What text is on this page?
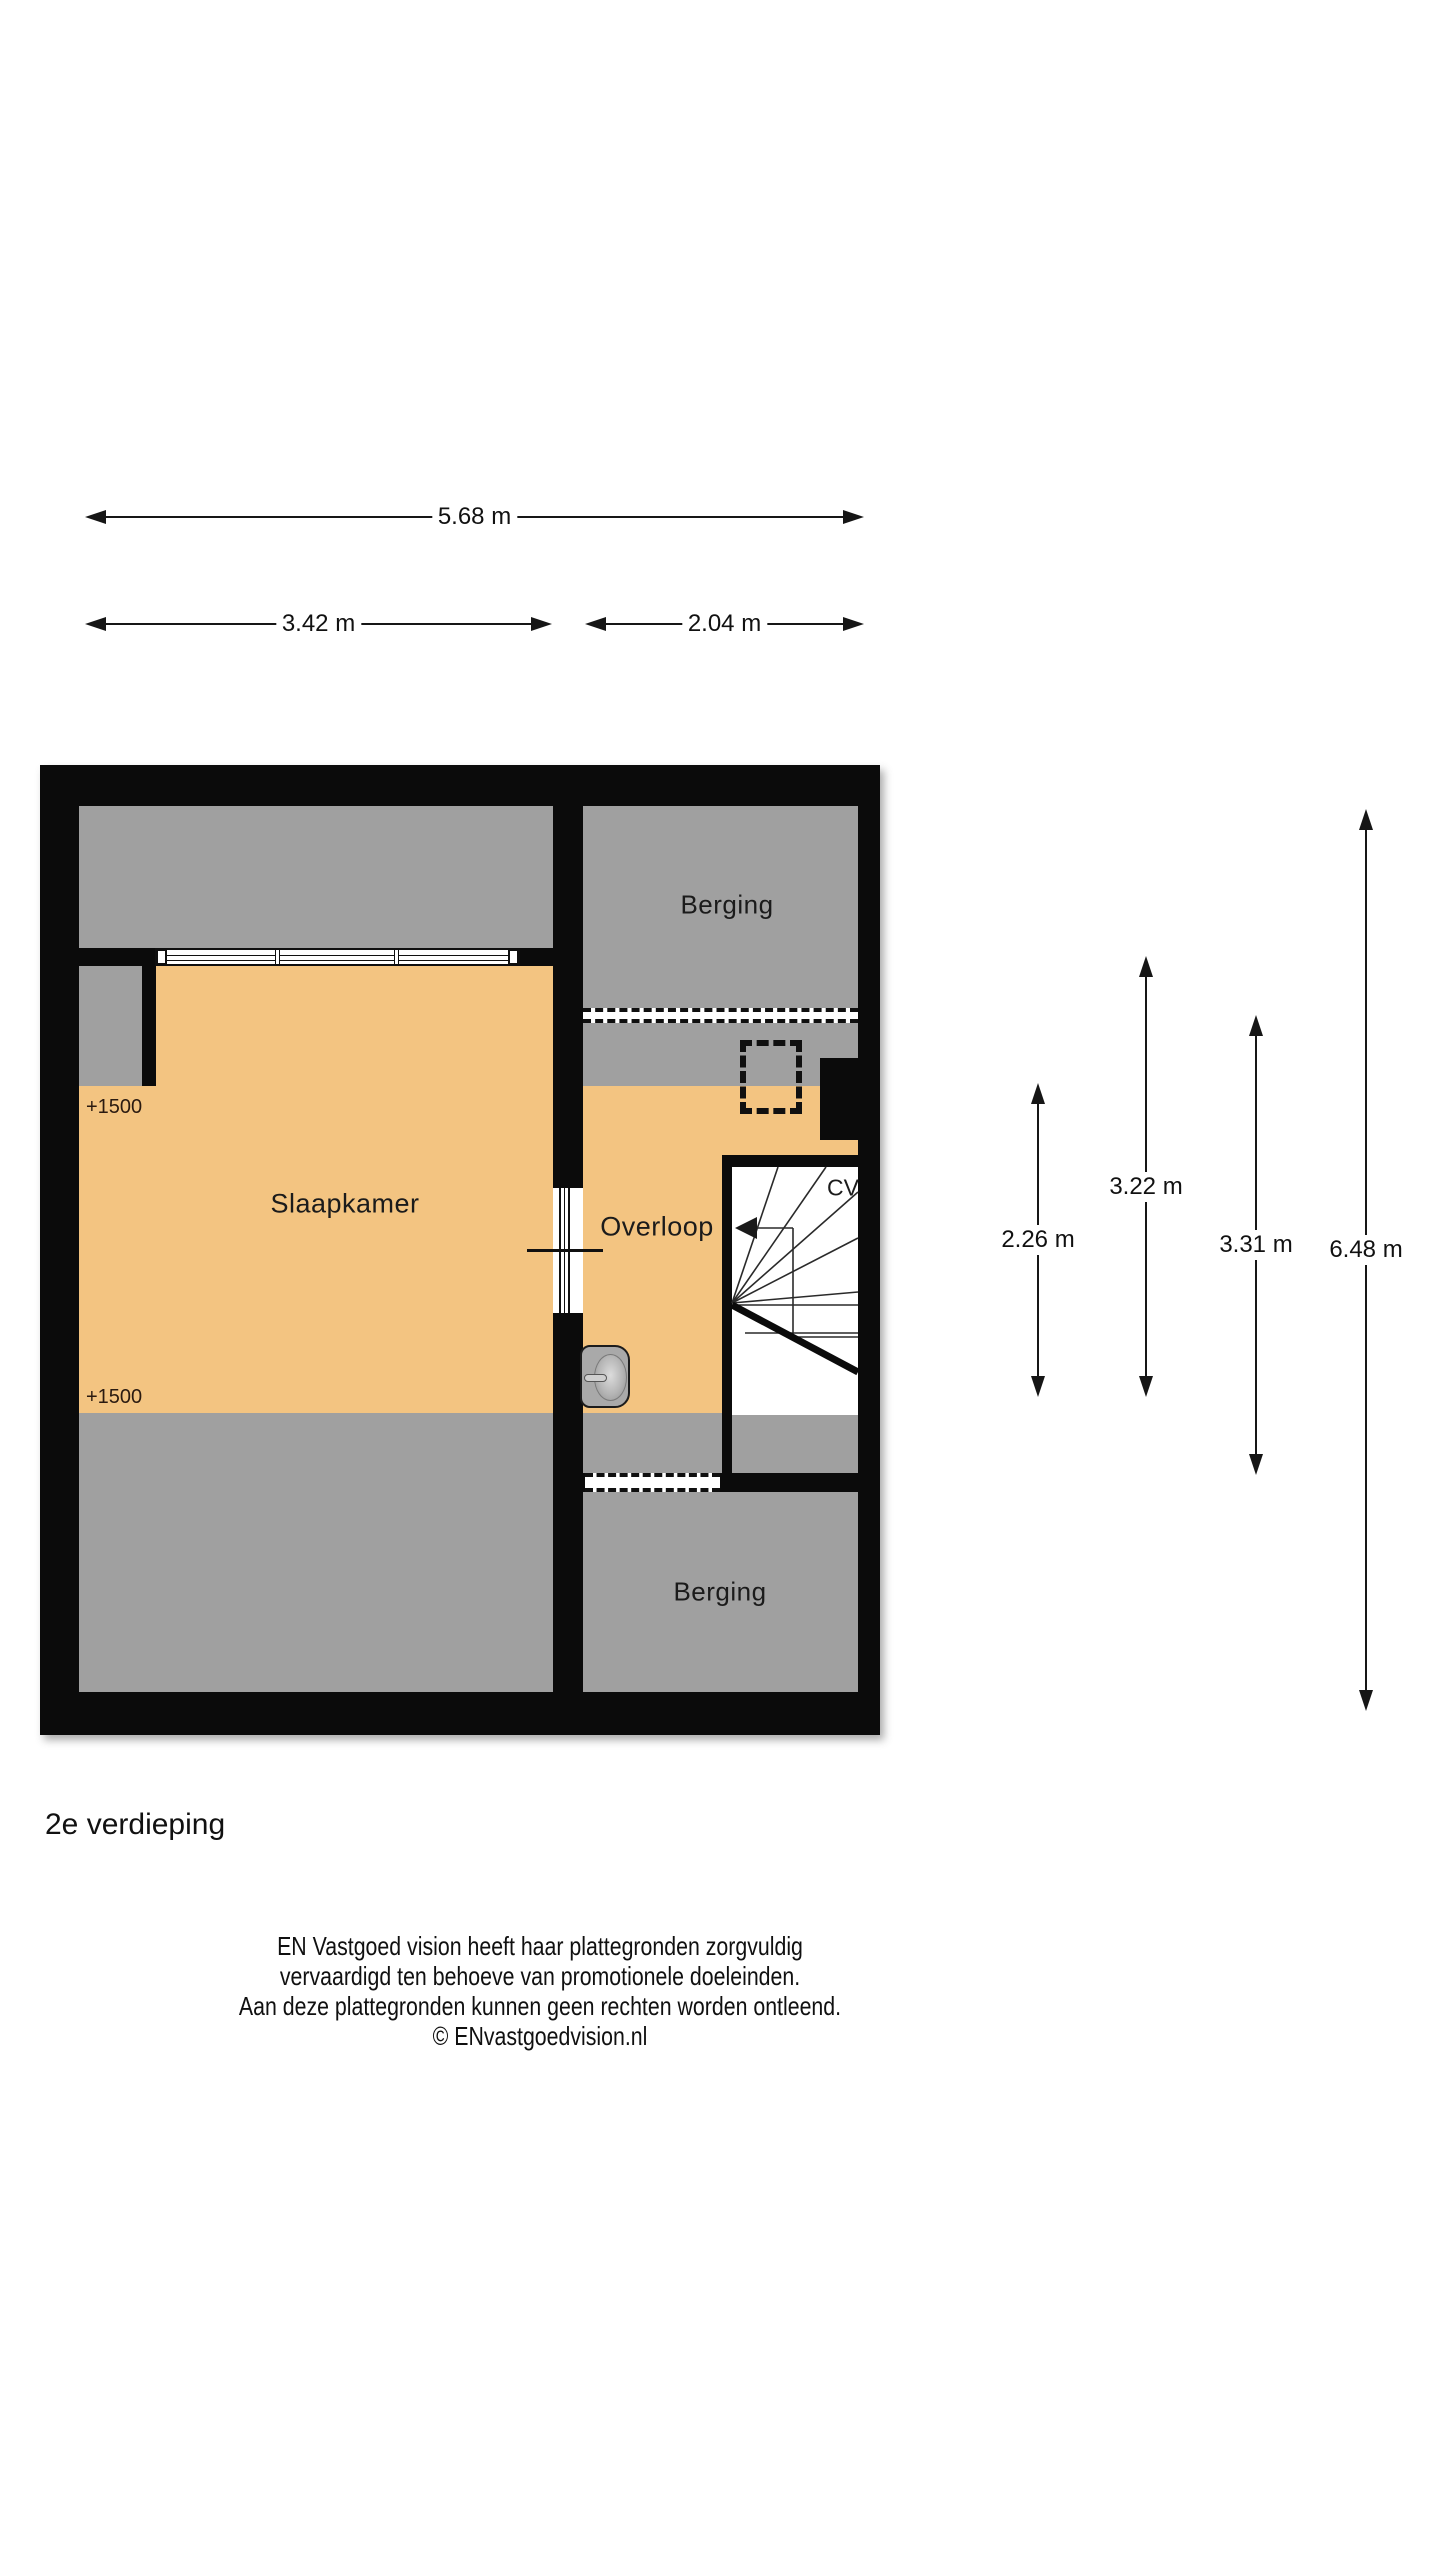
5.68 m
3.42 m	2.04 m
2.26 m
3.22 m
3.31 m 6.48 m
Slaapkamer
Overloop
Berging
Berging
CV
+1500
+1500
2e verdieping
EN Vastgoed vision heeft haar plattegronden zorgvuldig
vervaardigd ten behoeve van promotionele doeleinden.
Aan deze plattegronden kunnen geen rechten worden ontleend.
© ENvastgoedvision.nl
